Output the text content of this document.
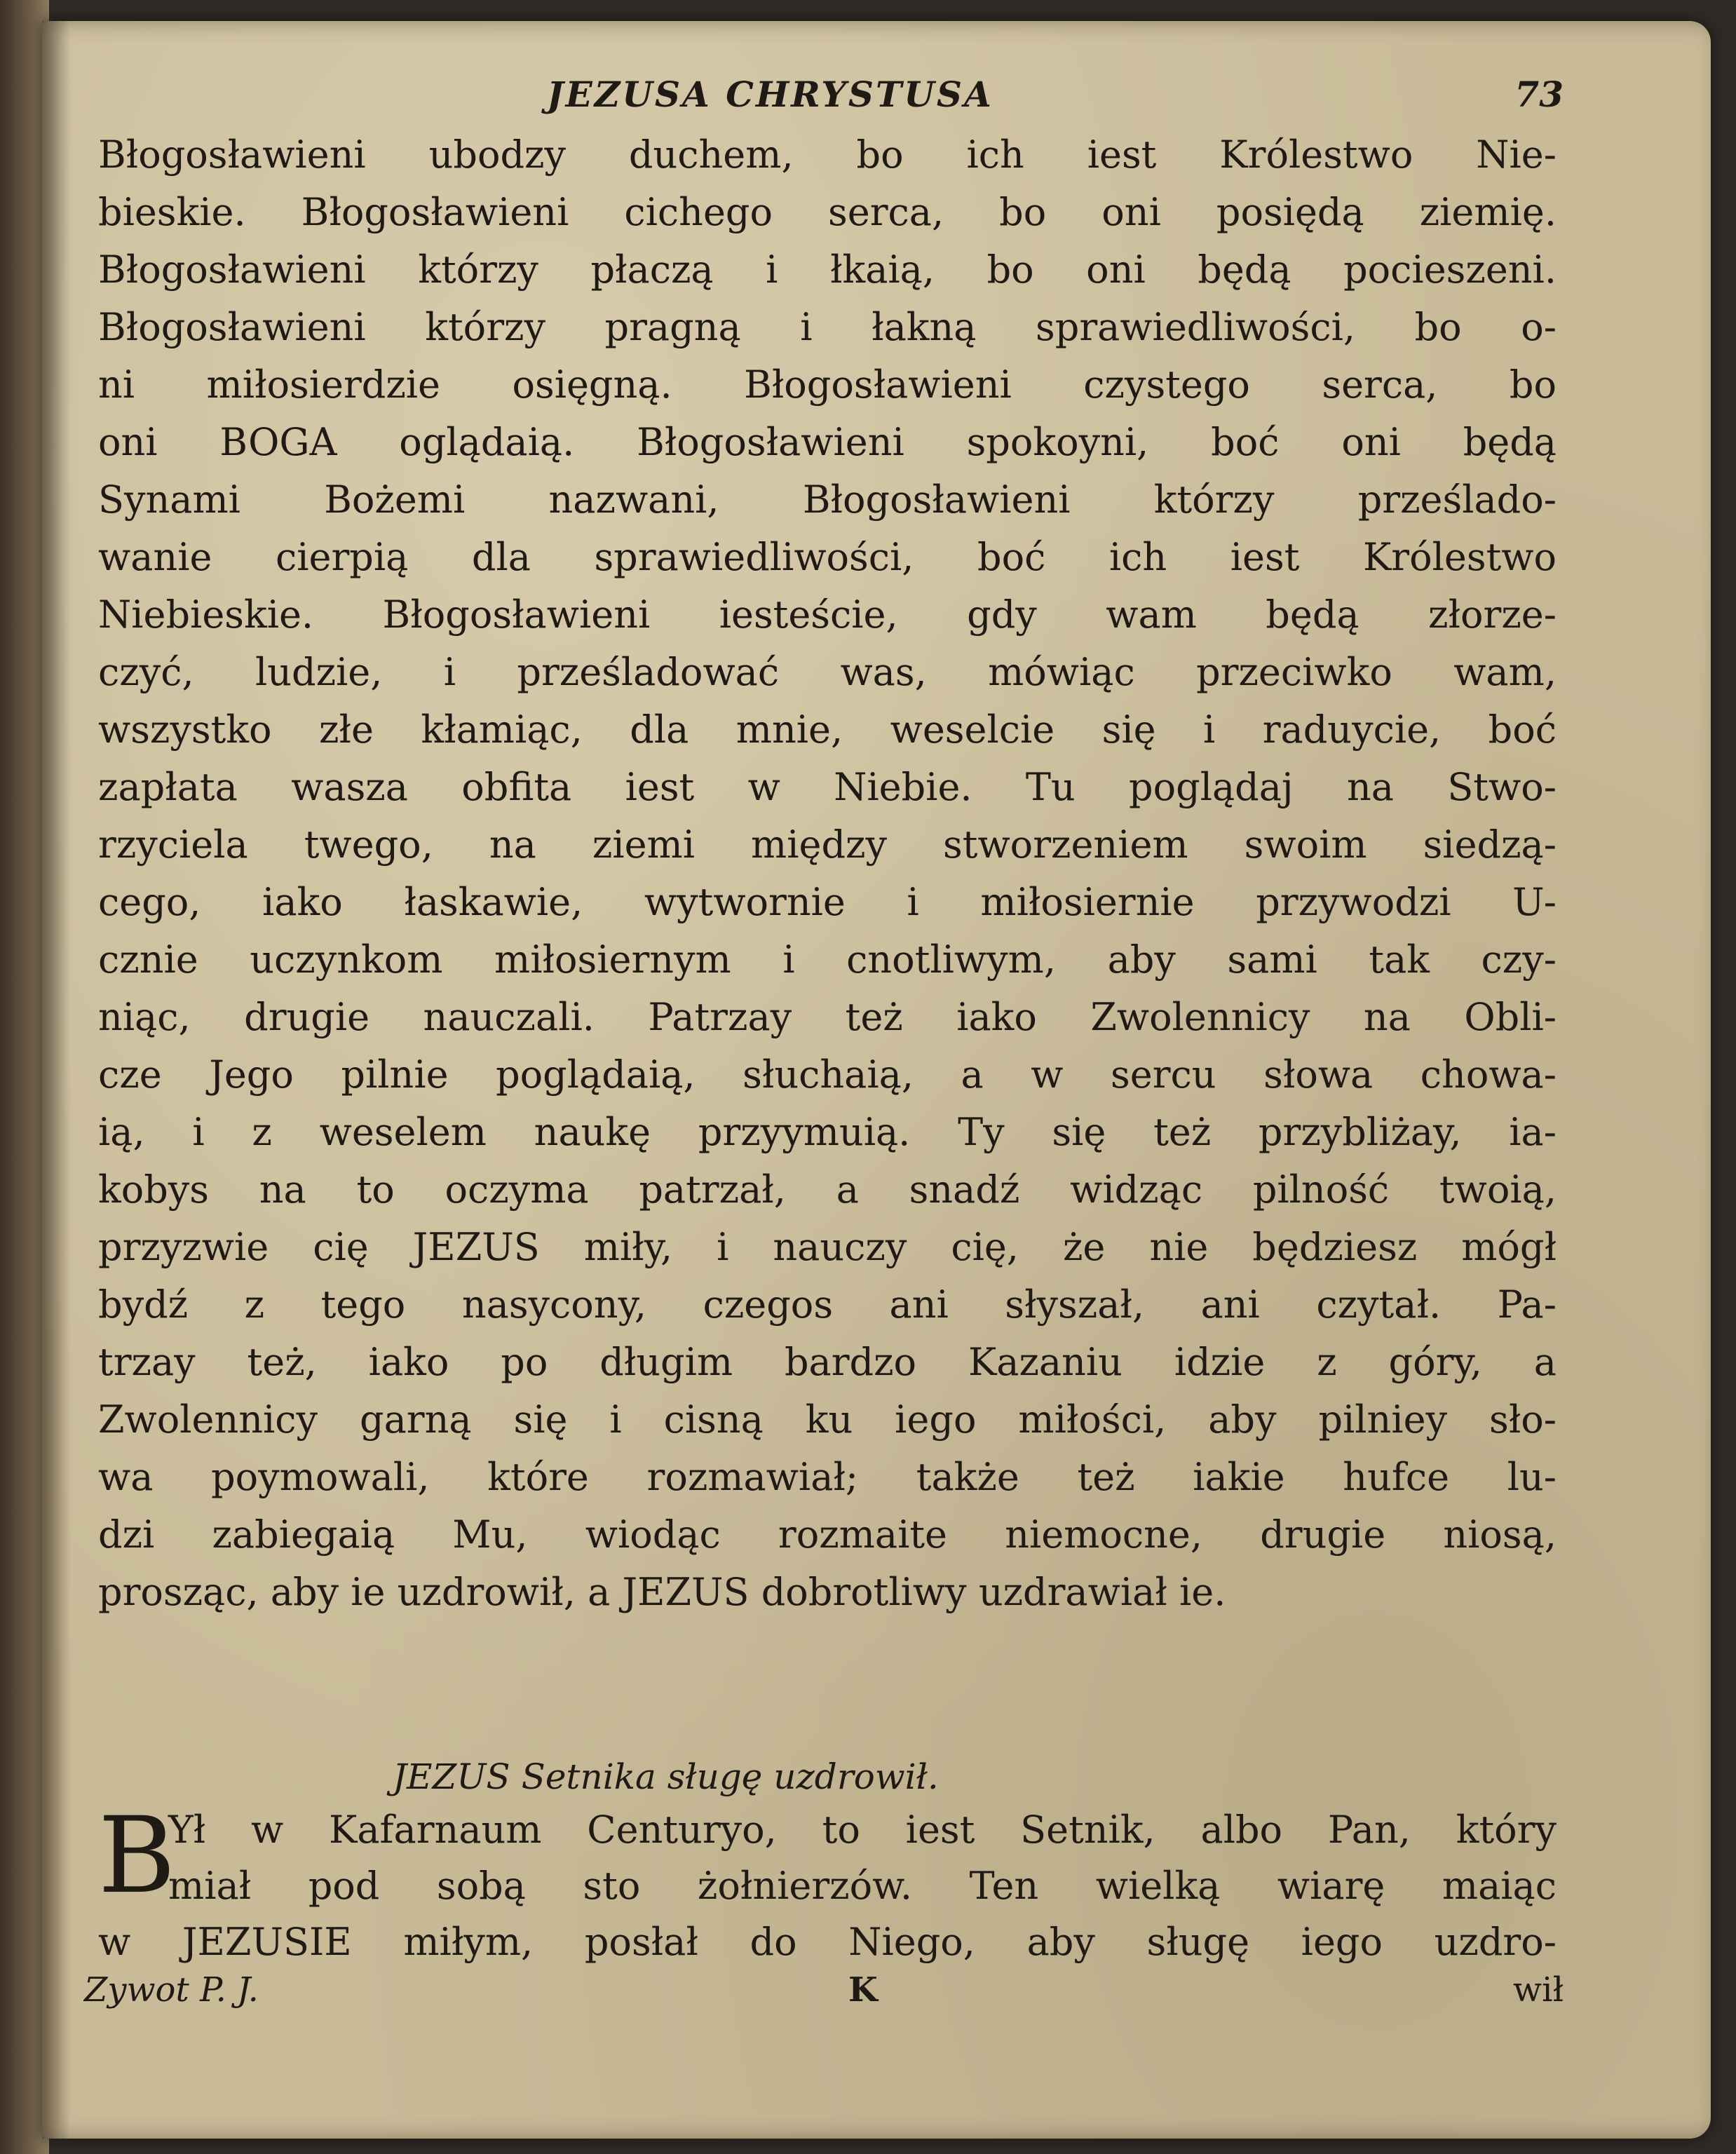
JEZUSA CHRYSTUSA	73
Błogosławieni ubodzy duchem, bo ich iest Królestwo Nie-
bieskie. Błogosławieni cichego serca, bo oni posiędą ziemię.
Błogosławieni którzy płaczą i łkaią, bo oni będą pocieszeni.
Błogosławieni którzy pragną i łakną sprawiedliwości, bo o-
ni miłosierdzie osięgną. Błogosławieni czystego serca, bo
oni BOGA oglądaią. Błogosławieni spokoyni, boć oni będą
Synami Bożemi nazwani, Błogosławieni którzy prześlado-
wanie cierpią dla sprawiedliwości, boć ich iest Królestwo
Niebieskie. Błogosławieni iesteście, gdy wam będą złorze-
czyć, ludzie, i prześladować was, mówiąc przeciwko wam,
wszystko złe kłamiąc, dla mnie, weselcie się i raduycie, boć
zapłata wasza obfita iest w Niebie. Tu poglądaj na Stwo-
rzyciela twego, na ziemi między stworzeniem swoim siedzą-
cego, iako łaskawie, wytwornie i miłosiernie przywodzi U-
cznie uczynkom miłosiernym i cnotliwym, aby sami tak czy-
niąc, drugie nauczali. Patrzay też iako Zwolennicy na Obli-
cze Jego pilnie poglądaią, słuchaią, a w sercu słowa chowa-
ią, i z weselem naukę przyymuią. Ty się też przybliżay, ia-
kobys na to oczyma patrzał, a snadź widząc pilność twoią,
przyzwie cię JEZUS miły, i nauczy cię, że nie będziesz mógł
bydź z tego nasycony, czegos ani słyszał, ani czytał. Pa-
trzay też, iako po długim bardzo Kazaniu idzie z góry, a
Zwolennicy garną się i cisną ku iego miłości, aby pilniey sło-
wa poymowali, które rozmawiał; także też iakie hufce lu-
dzi zabiegaią Mu, wiodąc rozmaite niemocne, drugie niosą,
prosząc, aby ie uzdrowił, a JEZUS dobrotliwy uzdrawiał ie.
JEZUS Setnika sługę uzdrowił.
B
Ył w Kafarnaum Centuryo, to iest Setnik, albo Pan, który
miał pod sobą sto żołnierzów. Ten wielką wiarę maiąc
w JEZUSIE miłym, posłał do Niego, aby sługę iego uzdro-
Zywot P. J.	K	wił
